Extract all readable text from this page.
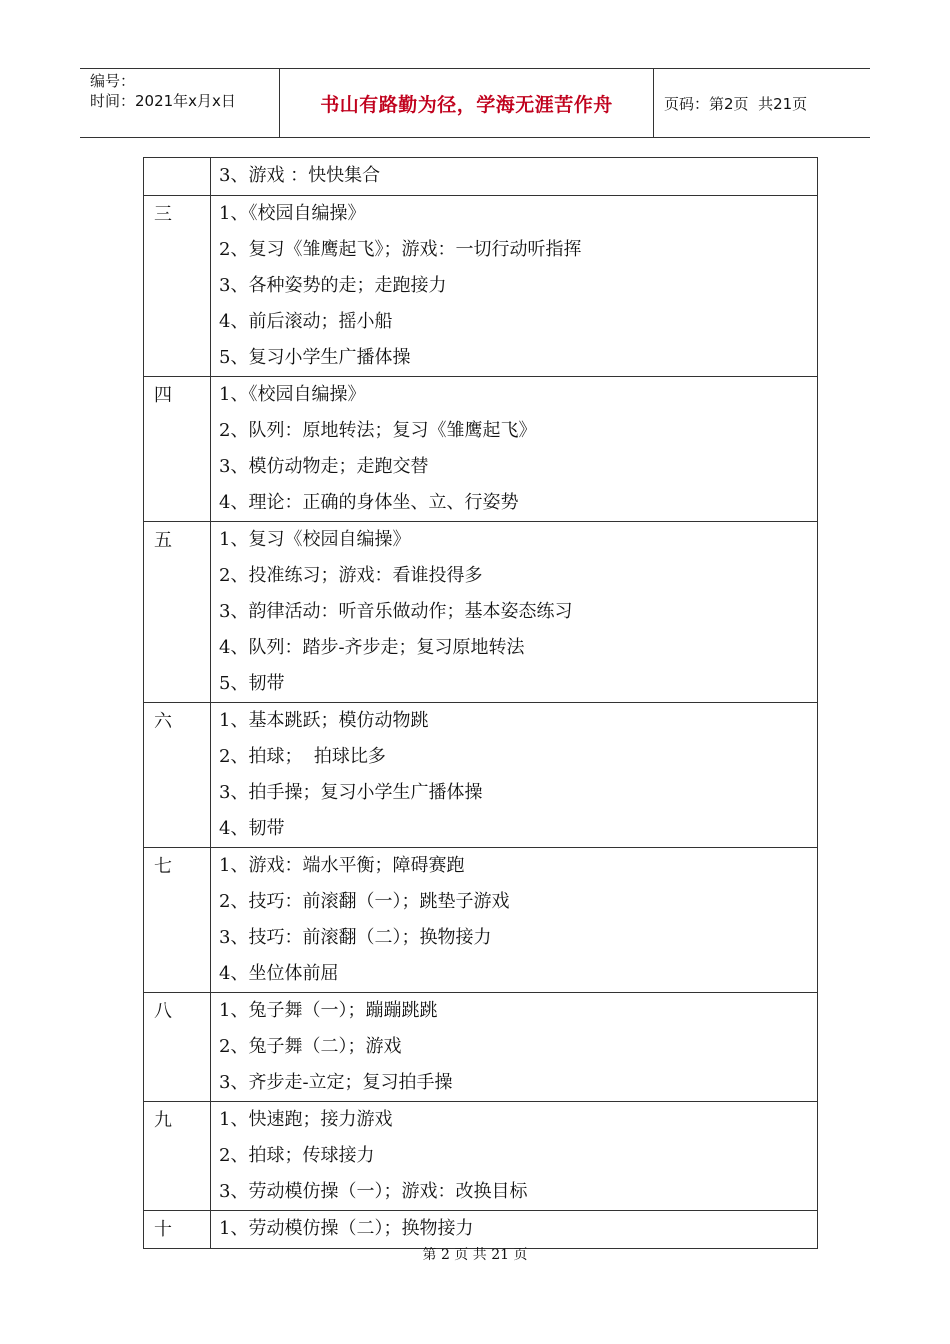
编号：
时间：2021年x月x日	书山有路勤为径，学海无涯苦作舟	页码：第2页  共21页

	3、游戏 ：快快集合

三	1、《校园自编操》
2、复习《雏鹰起飞》；游戏：一切行动听指挥
3、各种姿势的走；走跑接力
4、前后滚动；摇小船
5、复习小学生广播体操

四	1、《校园自编操》
2、队列：原地转法；复习《雏鹰起飞》
3、模仿动物走；走跑交替
4、理论：正确的身体坐、立、行姿势

五	1、复习《校园自编操》
2、投准练习；游戏：看谁投得多
3、韵律活动：听音乐做动作；基本姿态练习
4、队列：踏步-齐步走；复习原地转法
5、韧带

六	1、基本跳跃；模仿动物跳
2、拍球；  拍球比多
3、拍手操；复习小学生广播体操
4、韧带

七	1、游戏：端水平衡；障碍赛跑
2、技巧：前滚翻（一）；跳垫子游戏
3、技巧：前滚翻（二）；换物接力
4、坐位体前屈

八	1、兔子舞（一）；蹦蹦跳跳
2、兔子舞（二）；游戏
3、齐步走-立定；复习拍手操

九	1、快速跑；接力游戏
2、拍球；传球接力
3、劳动模仿操（一）；游戏：改换目标

十	1、劳动模仿操（二）；换物接力
第 2 页 共 21 页
